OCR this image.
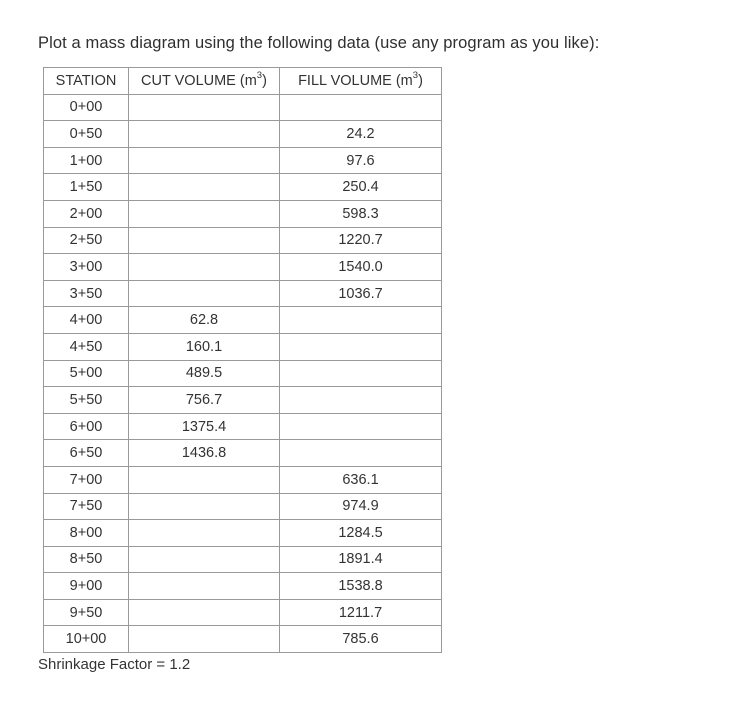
Plot a mass diagram using the following data (use any program as you like):
STATION	CUT VOLUME $(m^3)$	FILL VOLUME $(m^3)$
0+00		
0+50		24.2
1+00		97.6
1+50		250.4
2+00		598.3
2+50		1220.7
3+00		1540.0
3+50		1036.7
4+00	62.8	
4+50	160.1	
5+00	489.5	
5+50	756.7	
6+00	1375.4	
6+50	1436.8	
7+00		636.1
7+50		974.9
8+00		1284.5
8+50		1891.4
9+00		1538.8
9+50		1211.7
10+00		785.6
Shrinkage Factor = 1.2
